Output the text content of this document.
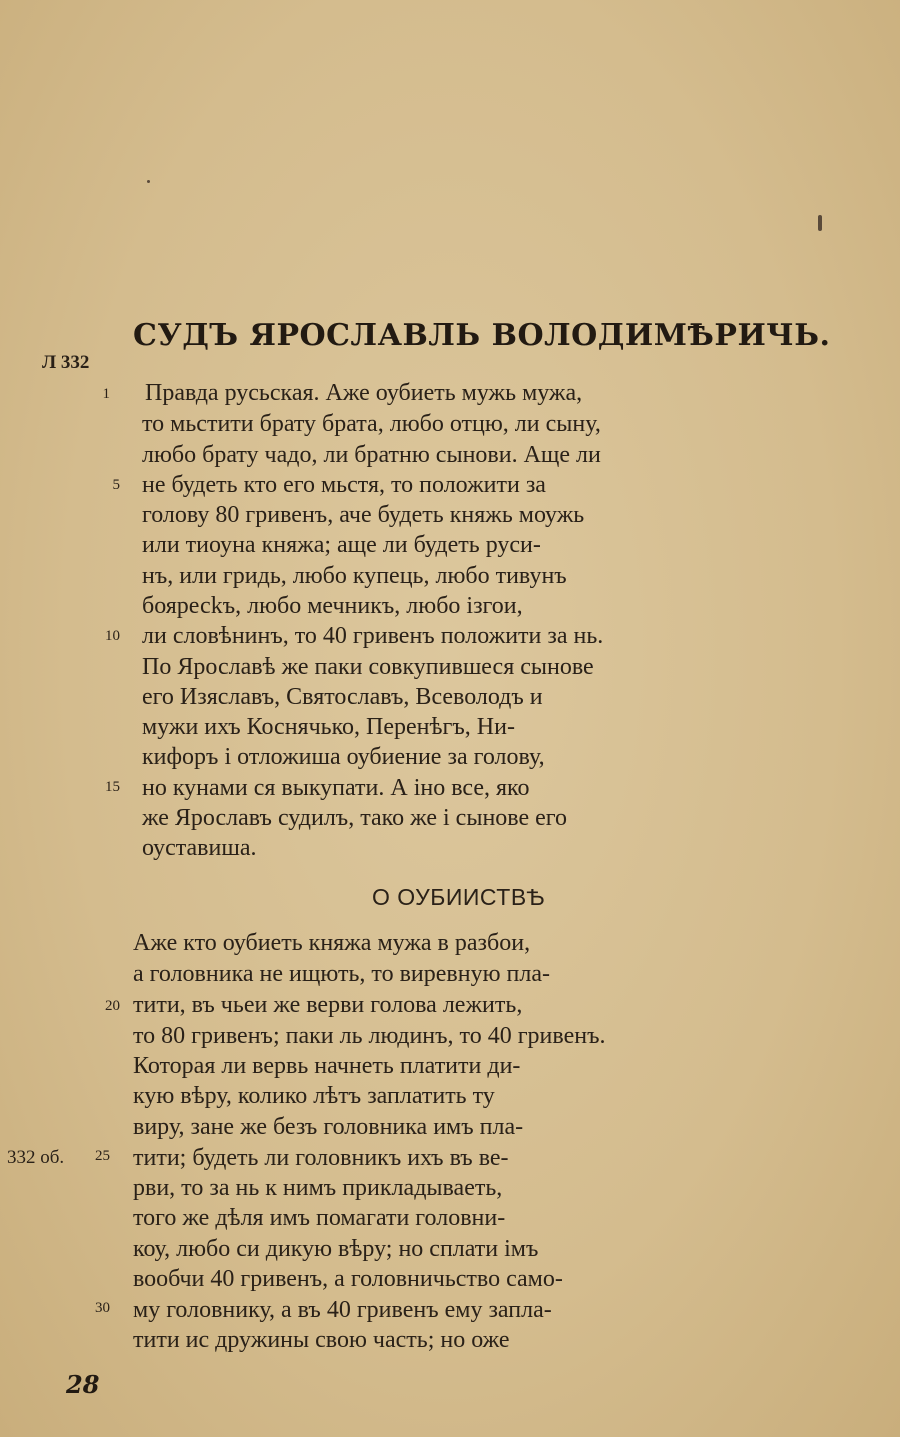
СУДЪ ЯРОСЛАВЛЬ ВОЛОДИМѢРИЧЬ.
Л 332
1
5
10
15
20
25
30
Правда русьская. Аже оубиеть мужь мужа,
то мьстити брату брата, любо отцю, ли сыну,
любо брату чадо, ли братню сынови. Аще ли
не будеть кто его мьстя, то положити за
голову 80 гривенъ, аче будеть княжь моужь
или тиоуна княжа; аще ли будеть руси-
нъ, или гридь, любо купець, любо тивунъ
бояресkъ, любо мечникъ, любо ізгои,
ли словѣнинъ, то 40 гривенъ положити за нь.
По Ярославѣ же паки совкупившеся сынове
его Изяславъ, Святославъ, Всеволодъ и
мужи ихъ Коснячько, Перенѣгъ, Ни-
кифоръ і отложиша оубиение за голову,
но кунами ся выкупати. А іно все, яко
же Ярославъ судилъ, тако же і сынове его
оуставиша.
О ОУБИИСТВѢ
Аже кто оубиеть княжа мужа в разбои,
а головника не ищють, то виревную пла-
тити, въ чьеи же верви голова лежить,
то 80 гривенъ; паки ль людинъ, то 40 гривенъ.
Которая ли вервь начнеть платити ди-
кую вѣру, колико лѣтъ заплатить ту
виру, зане же безъ головника имъ пла-
тити; будеть ли головникъ ихъ въ ве-
рви, то за нь к нимъ прикладываеть,
того же дѣля имъ помагати головни-
коу, любо си дикую вѣру; но сплати імъ
вообчи 40 гривенъ, а головничьство само-
му головнику, а въ 40 гривенъ ему запла-
тити ис дружины свою часть; но оже
332 об.
28
